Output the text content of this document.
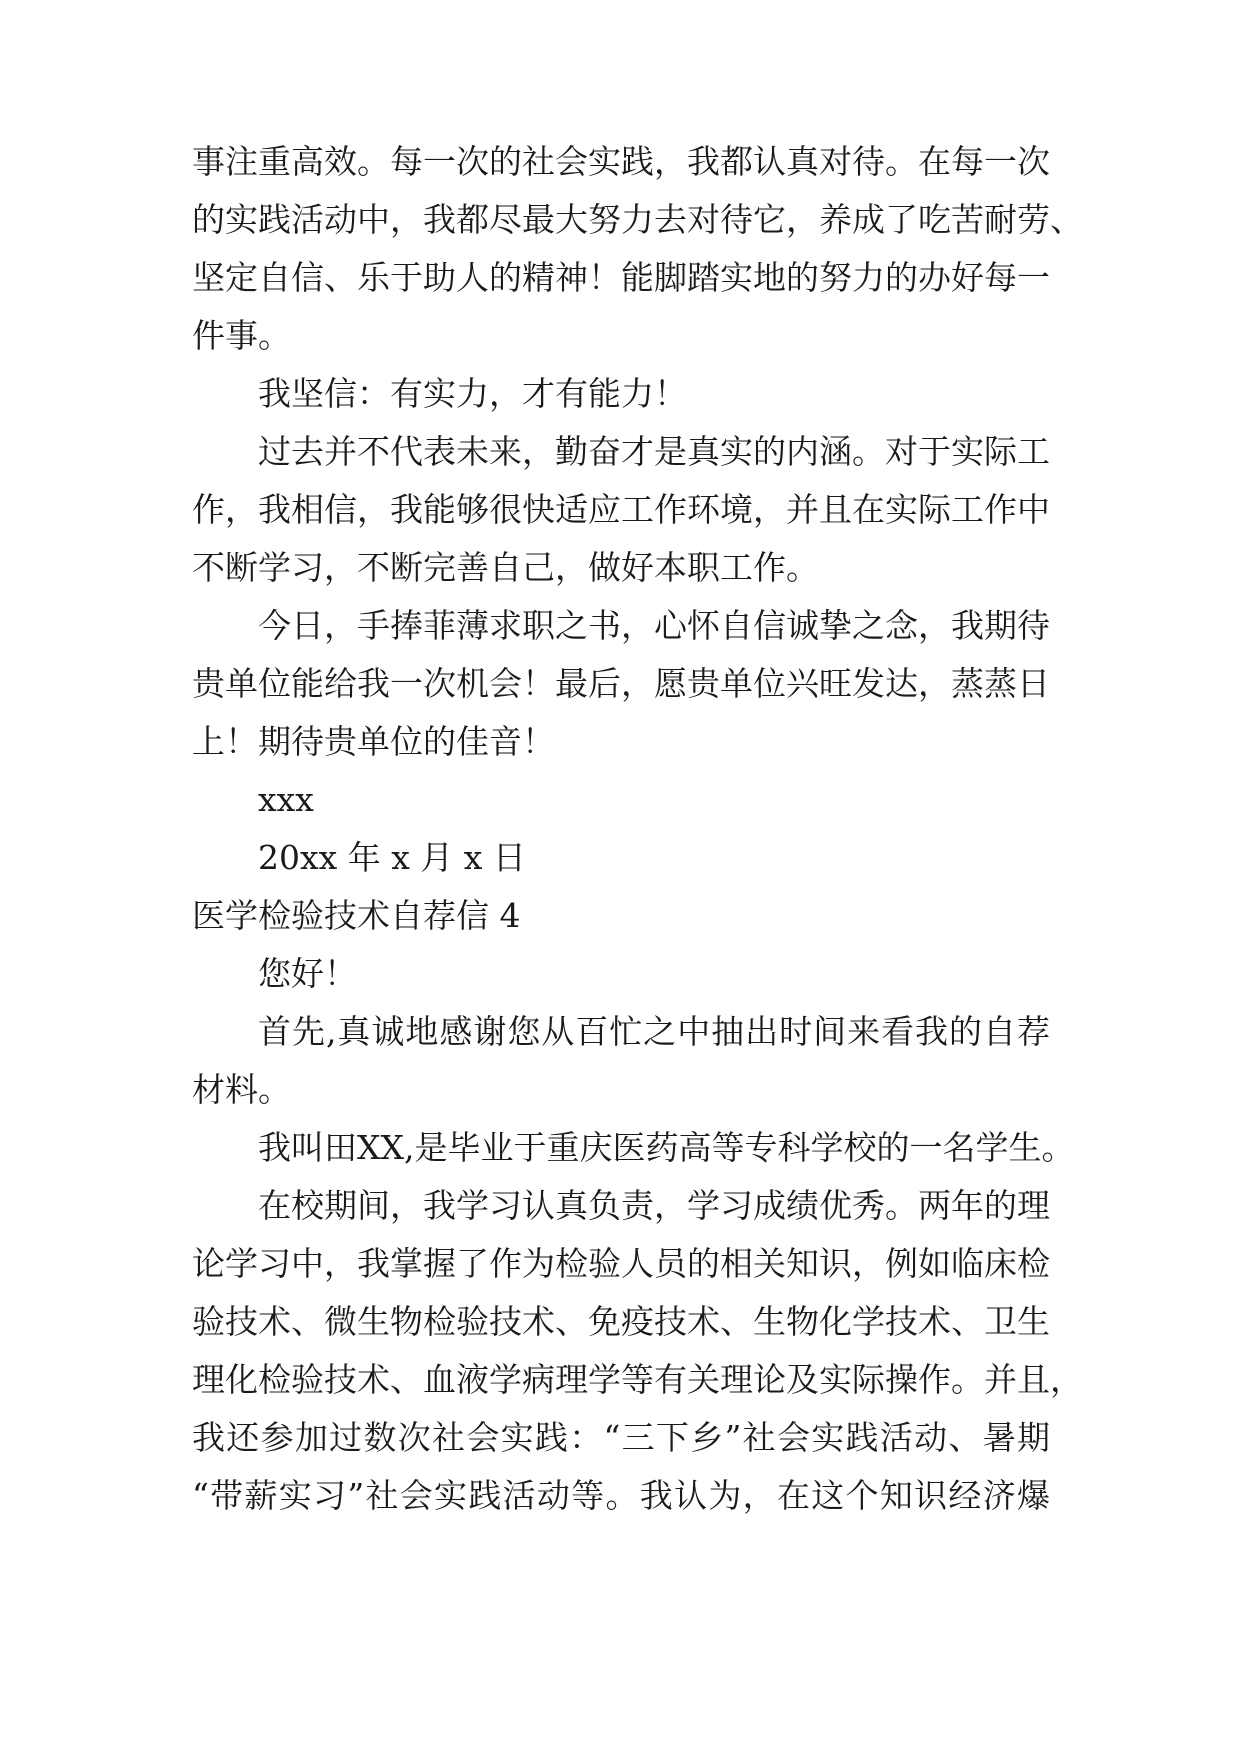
事注重高效。每一次的社会实践，我都认真对待。在每一次
的实践活动中，我都尽最大努力去对待它，养成了吃苦耐劳、
坚定自信、乐于助人的精神！能脚踏实地的努力的办好每一
件事。
我坚信：有实力，才有能力！
过去并不代表未来，勤奋才是真实的内涵。对于实际工
作，我相信，我能够很快适应工作环境，并且在实际工作中
不断学习，不断完善自己，做好本职工作。
今日，手捧菲薄求职之书，心怀自信诚挚之念，我期待
贵单位能给我一次机会！最后，愿贵单位兴旺发达，蒸蒸日
上！期待贵单位的佳音！
xxx
20xx 年 x 月 x 日
医学检验技术自荐信 4
您好！
首先,真诚地感谢您从百忙之中抽出时间来看我的自荐
材料。
我叫田XX,是毕业于重庆医药高等专科学校的一名学生。
在校期间，我学习认真负责，学习成绩优秀。两年的理
论学习中，我掌握了作为检验人员的相关知识，例如临床检
验技术、微生物检验技术、免疫技术、生物化学技术、卫生
理化检验技术、血液学病理学等有关理论及实际操作。并且，
我还参加过数次社会实践：“三下乡”社会实践活动、暑期
“带薪实习”社会实践活动等。我认为，在这个知识经济爆
